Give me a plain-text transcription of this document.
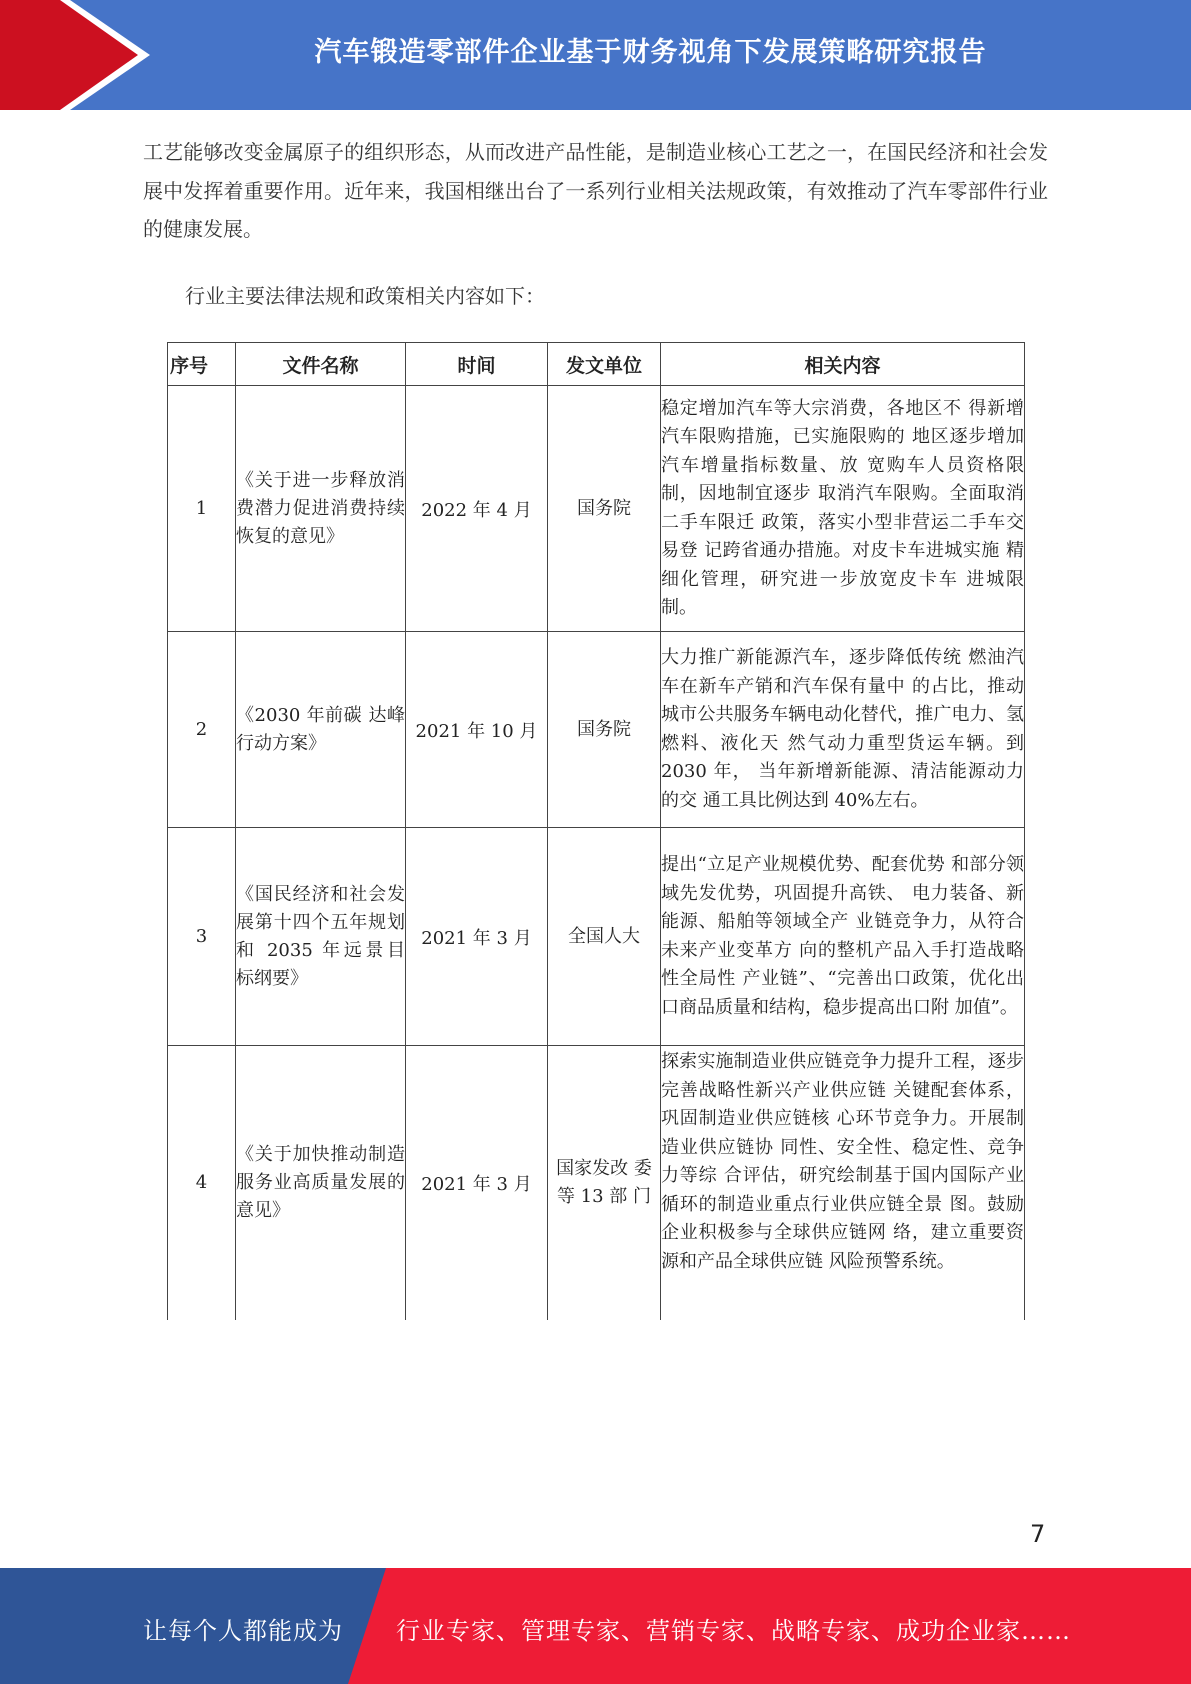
汽车锻造零部件企业基于财务视角下发展策略研究报告
工艺能够改变金属原子的组织形态，从而改进产品性能，是制造业核心工艺之一，在国民经济和社会发展中发挥着重要作用。近年来，我国相继出台了一系列行业相关法规政策，有效推动了汽车零部件行业的健康发展。
行业主要法律法规和政策相关内容如下：
序号	文件名称	时间	发文单位	相关内容
1	《关于进一步释放消费潜力促进消费持续恢复的意见》	2022 年 4 月	国务院	稳定增加汽车等大宗消费，各地区不 得新增汽车限购措施，已实施限购的 地区逐步增加汽车增量指标数量、放 宽购车人员资格限制，因地制宜逐步 取消汽车限购。全面取消二手车限迁 政策，落实小型非营运二手车交易登 记跨省通办措施。对皮卡车进城实施 精细化管理，研究进一步放宽皮卡车 进城限制。
2	《2030 年前碳 达峰行动方案》	2021 年 10 月	国务院	大力推广新能源汽车，逐步降低传统 燃油汽车在新车产销和汽车保有量中 的占比，推动城市公共服务车辆电动化替代，推广电力、氢燃料、液化天 然气动力重型货运车辆。到 2030 年， 当年新增新能源、清洁能源动力的交 通工具比例达到 40%左右。
3	《国民经济和社会发展第十四个五年规划和 2035 年远景目 标纲要》	2021 年 3 月	全国人大	提出“立足产业规模优势、配套优势 和部分领域先发优势，巩固提升高铁、 电力装备、新能源、船舶等领域全产 业链竞争力，从符合未来产业变革方 向的整机产品入手打造战略性全局性 产业链”、“完善出口政策，优化出 口商品质量和结构，稳步提高出口附 加值”。
4	《关于加快推动制造服务业高质量发展的意见》	2021 年 3 月	国家发改 委等 13 部 门	探索实施制造业供应链竞争力提升工程，逐步完善战略性新兴产业供应链 关键配套体系，巩固制造业供应链核 心环节竞争力。开展制造业供应链协 同性、安全性、稳定性、竞争力等综 合评估，研究绘制基于国内国际产业 循环的制造业重点行业供应链全景 图。鼓励企业积极参与全球供应链网 络，建立重要资源和产品全球供应链 风险预警系统。
7
让每个人都能成为 行业专家、管理专家、营销专家、战略专家、成功企业家……
